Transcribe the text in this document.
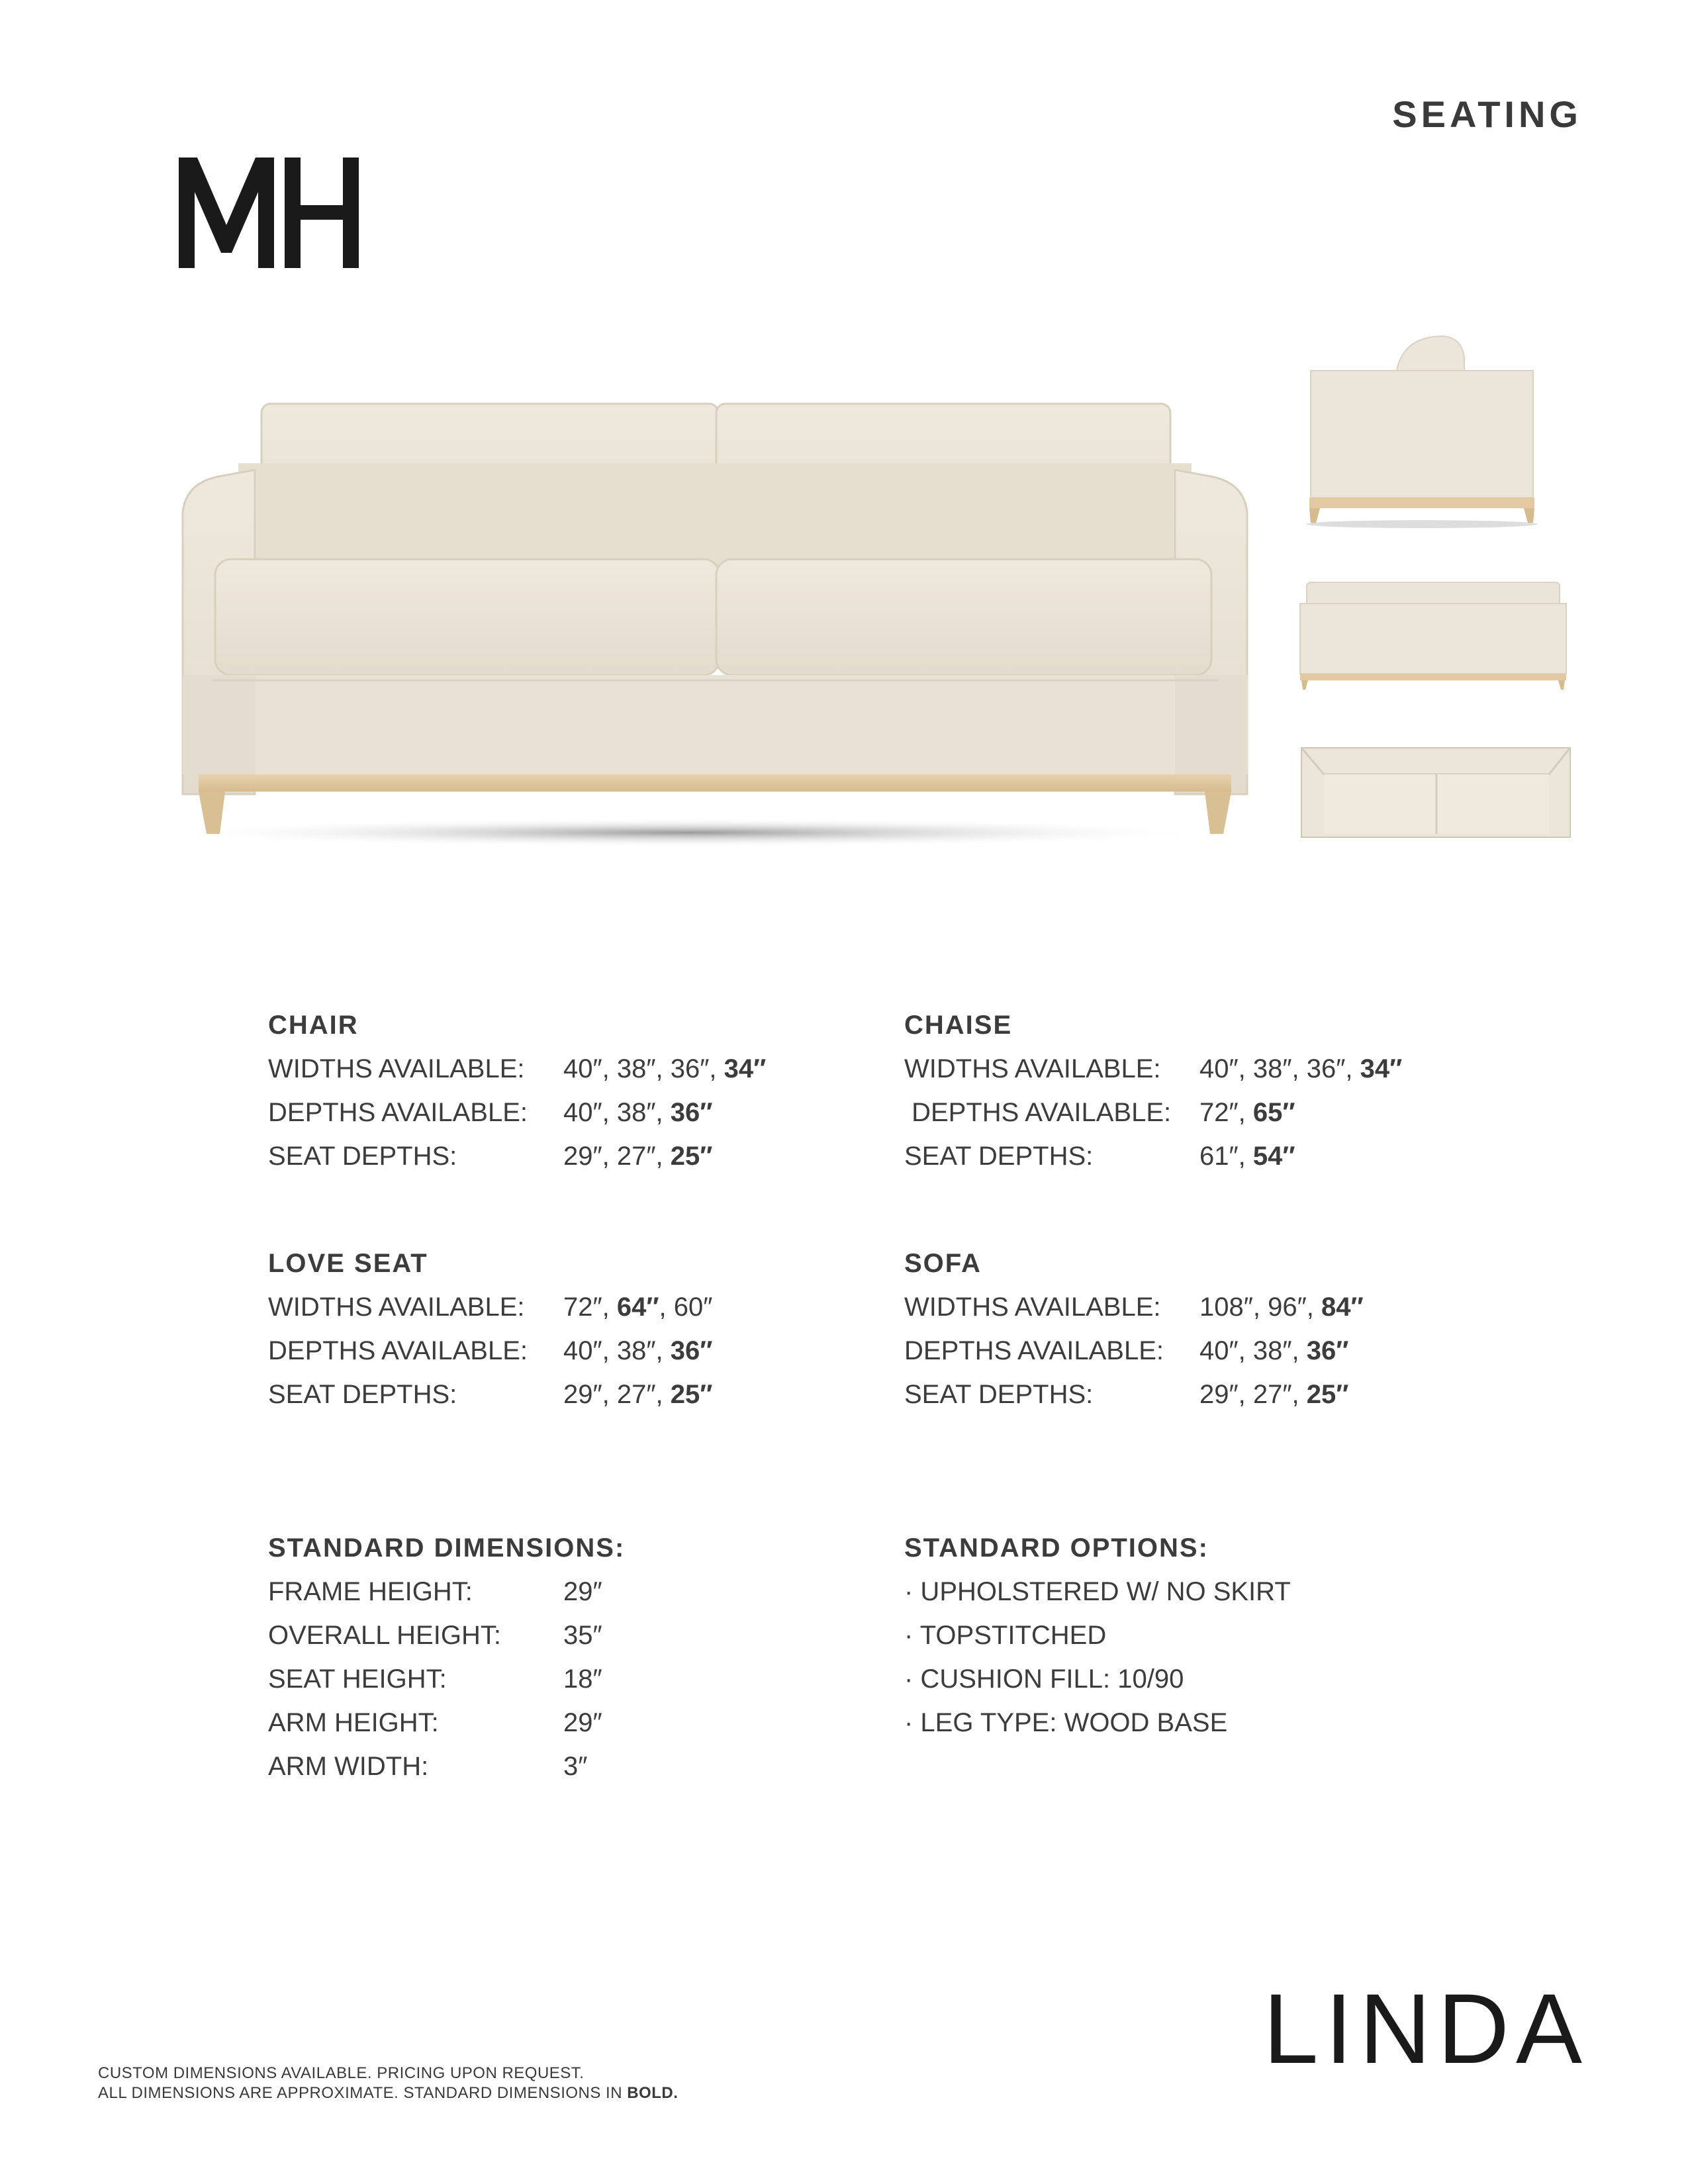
SEATING
CHAIR
WIDTHS AVAILABLE: 40″, 38″, 36″, 34″
DEPTHS AVAILABLE: 40″, 38″, 36″
SEAT DEPTHS:	29″, 27″, 25″
CHAISE
WIDTHS AVAILABLE: 40″, 38″, 36″, 34″
DEPTHS AVAILABLE: 72″, 65″
SEAT DEPTHS:	61″, 54″
LOVE SEAT
WIDTHS AVAILABLE: 72″, 64″, 60″
DEPTHS AVAILABLE: 40″, 38″, 36″
SEAT DEPTHS:	29″, 27″, 25″
SOFA
WIDTHS AVAILABLE: 108″, 96″, 84″
DEPTHS AVAILABLE: 40″, 38″, 36″
SEAT DEPTHS:	29″, 27″, 25″
STANDARD DIMENSIONS:
FRAME HEIGHT:	29″
OVERALL HEIGHT: 35″
SEAT HEIGHT:	18″
ARM HEIGHT:	29″
ARM WIDTH:	3″
STANDARD OPTIONS:
· UPHOLSTERED W/ NO SKIRT
· TOPSTITCHED
· CUSHION FILL: 10/90
· LEG TYPE: WOOD BASE
LINDA
CUSTOM DIMENSIONS AVAILABLE. PRICING UPON REQUEST.
ALL DIMENSIONS ARE APPROXIMATE. STANDARD DIMENSIONS IN BOLD.
